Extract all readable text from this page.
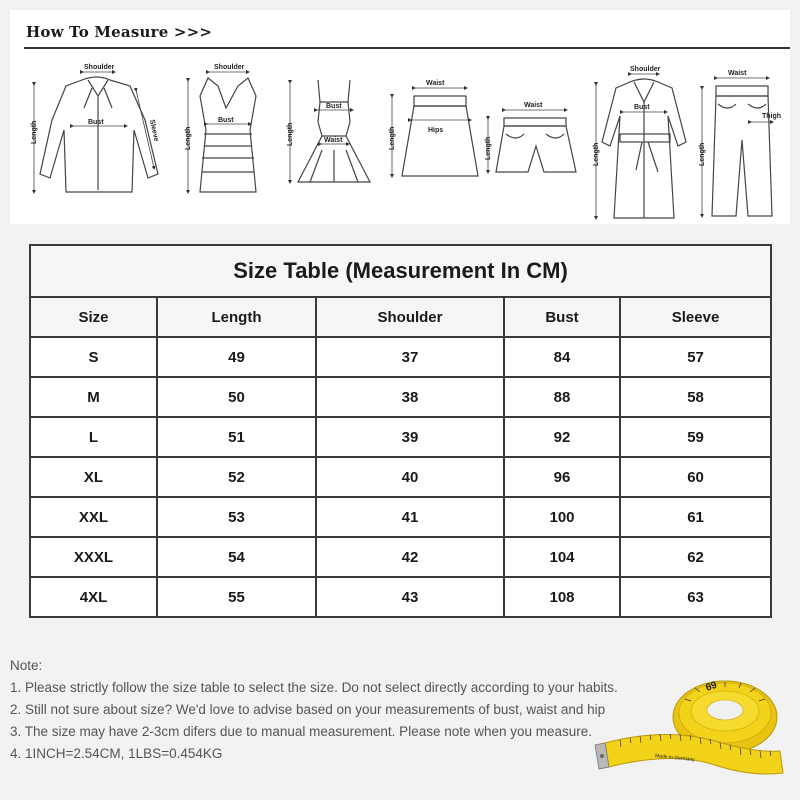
How To Measure >>>
Shoulder
Bust
Length	Sleeve
Shoulder
Bust
Length
Bust
Waist
Length
Waist
Hips
Length
Waist
Length
Shoulder
Bust
Length
Waist
Thigh
Length
Size Table (Measurement In CM)				
Size	Length	Shoulder	Bust	Sleeve
S	49	37	84	57
M	50	38	88	58
L	51	39	92	59
XL	52	40	96	60
XXL	53	41	100	61
XXXL	54	42	104	62
4XL	55	43	108	63
Note:
1. Please strictly follow the size table to select the size. Do not select directly according to your habits.
2. Still not sure about size? We'd love to advise based on your measurements of bust, waist and hip
3. The size may have 2-3cm difers due to manual measurement. Please note when you measure.
4. 1INCH=2.54CM, 1LBS=0.454KG
69
Made in Germany
